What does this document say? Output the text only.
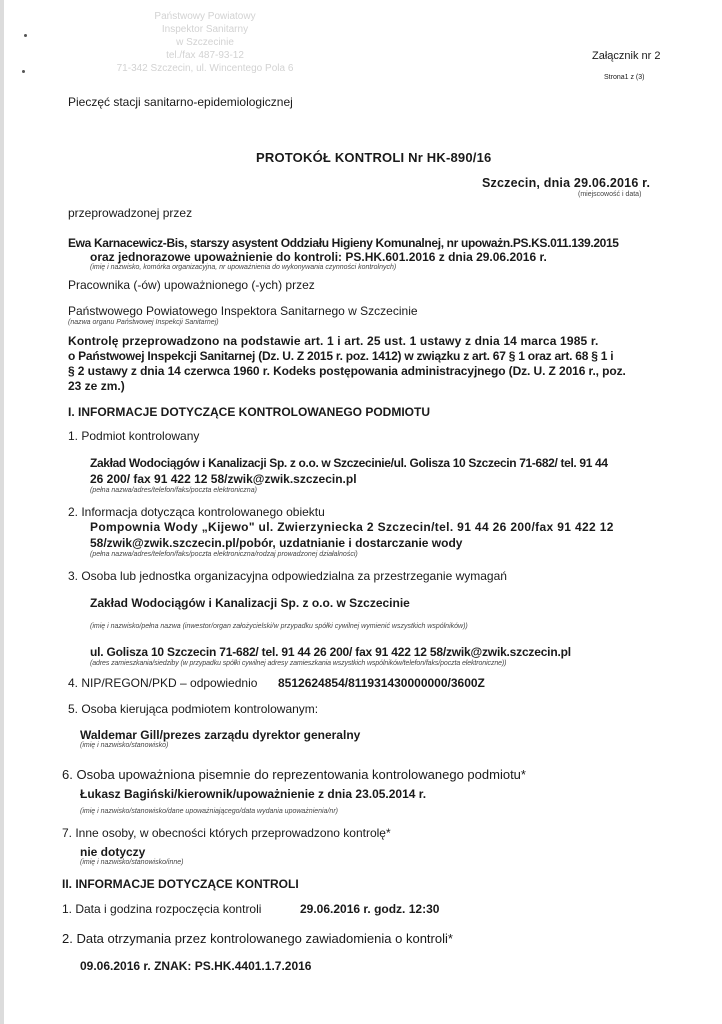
Państwowy Powiatowy
Inspektor Sanitarny
w Szczecinie
tel./fax 487-93-12
71-342 Szczecin, ul. Wincentego Pola 6
Pieczęć stacji sanitarno-epidemiologicznej
Załącznik nr 2
Strona1 z (3)
PROTOKÓŁ KONTROLI Nr HK-890/16
Szczecin, dnia 29.06.2016 r.
(miejscowość i data)
przeprowadzonej przez
Ewa Karnacewicz-Bis, starszy asystent Oddziału Higieny Komunalnej, nr upoważn.PS.KS.011.139.2015
oraz jednorazowe upoważnienie do kontroli: PS.HK.601.2016 z dnia 29.06.2016 r.
(imię i nazwisko, komórka organizacyjna, nr upoważnienia do wykonywania czynności kontrolnych)
Pracownika (-ów) upoważnionego (-ych) przez
Państwowego Powiatowego Inspektora Sanitarnego w Szczecinie
(nazwa organu Państwowej Inspekcji Sanitarnej)
Kontrolę przeprowadzono na podstawie art. 1 i art. 25 ust. 1 ustawy z dnia 14 marca 1985 r.
o Państwowej Inspekcji Sanitarnej (Dz. U. Z 2015 r. poz. 1412) w związku z art. 67 § 1 oraz art. 68 § 1 i
§ 2 ustawy z dnia 14 czerwca 1960 r. Kodeks postępowania administracyjnego (Dz. U. Z 2016 r., poz.
23 ze zm.)
I. INFORMACJE DOTYCZĄCE KONTROLOWANEGO PODMIOTU
1. Podmiot kontrolowany
Zakład Wodociągów i Kanalizacji Sp. z o.o. w Szczecinie/ul. Golisza 10 Szczecin 71-682/ tel. 91 44
26 200/ fax 91 422 12 58/zwik@zwik.szczecin.pl
(pełna nazwa/adres/telefon/faks/poczta elektroniczna)
2. Informacja dotycząca kontrolowanego obiektu
Pompownia Wody „Kijewo" ul. Zwierzyniecka 2 Szczecin/tel. 91 44 26 200/fax 91 422 12
58/zwik@zwik.szczecin.pl/pobór, uzdatnianie i dostarczanie wody
(pełna nazwa/adres/telefon/faks/poczta elektroniczna/rodzaj prowadzonej działalności)
3. Osoba lub jednostka organizacyjna odpowiedzialna za przestrzeganie wymagań
Zakład Wodociągów i Kanalizacji Sp. z o.o. w Szczecinie
(imię i nazwisko/pełna nazwa (inwestor/organ założycielski/w przypadku spółki cywilnej wymienić wszystkich wspólników))
ul. Golisza 10 Szczecin 71-682/ tel. 91 44 26 200/ fax 91 422 12 58/zwik@zwik.szczecin.pl
(adres zamieszkania/siedziby (w przypadku spółki cywilnej adresy zamieszkania wszystkich wspólników/telefon/faks/poczta elektroniczne))
4. NIP/REGON/PKD – odpowiednio 8512624854/811931430000000/3600Z
5. Osoba kierująca podmiotem kontrolowanym:
Waldemar Gill/prezes zarządu dyrektor generalny
(imię i nazwisko/stanowisko)
6. Osoba upoważniona pisemnie do reprezentowania kontrolowanego podmiotu*
Łukasz Bagiński/kierownik/upoważnienie z dnia 23.05.2014 r.
(imię i nazwisko/stanowisko/dane upoważniającego/data wydania upoważnienia/nr)
7. Inne osoby, w obecności których przeprowadzono kontrolę*
nie dotyczy
(imię i nazwisko/stanowisko/inne)
II. INFORMACJE DOTYCZĄCE KONTROLI
1. Data i godzina rozpoczęcia kontroli	29.06.2016 r. godz. 12:30
2. Data otrzymania przez kontrolowanego zawiadomienia o kontroli*
09.06.2016 r. ZNAK: PS.HK.4401.1.7.2016
